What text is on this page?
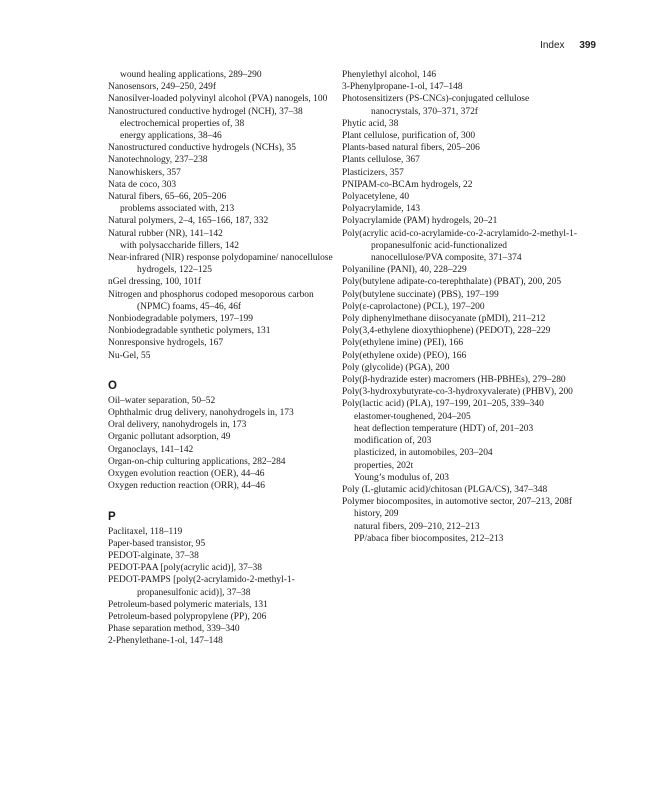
Index 399
wound healing applications, 289–290
Nanosensors, 249–250, 249f
Nanosilver-loaded polyvinyl alcohol (PVA) nanogels, 100
Nanostructured conductive hydrogel (NCH), 37–38
electrochemical properties of, 38
energy applications, 38–46
Nanostructured conductive hydrogels (NCHs), 35
Nanotechnology, 237–238
Nanowhiskers, 357
Nata de coco, 303
Natural fibers, 65–66, 205–206
problems associated with, 213
Natural polymers, 2–4, 165–166, 187, 332
Natural rubber (NR), 141–142
with polysaccharide fillers, 142
Near-infrared (NIR) response polydopamine/ nanocellulose hydrogels, 122–125
nGel dressing, 100, 101f
Nitrogen and phosphorus codoped mesoporous carbon (NPMC) foams, 45–46, 46f
Nonbiodegradable polymers, 197–199
Nonbiodegradable synthetic polymers, 131
Nonresponsive hydrogels, 167
Nu-Gel, 55
O
Oil–water separation, 50–52
Ophthalmic drug delivery, nanohydrogels in, 173
Oral delivery, nanohydrogels in, 173
Organic pollutant adsorption, 49
Organoclays, 141–142
Organ-on-chip culturing applications, 282–284
Oxygen evolution reaction (OER), 44–46
Oxygen reduction reaction (ORR), 44–46
P
Paclitaxel, 118–119
Paper-based transistor, 95
PEDOT-alginate, 37–38
PEDOT-PAA [poly(acrylic acid)], 37–38
PEDOT-PAMPS [poly(2-acrylamido-2-methyl-1-propanesulfonic acid)], 37–38
Petroleum-based polymeric materials, 131
Petroleum-based polypropylene (PP), 206
Phase separation method, 339–340
2-Phenylethane-1-ol, 147–148
Phenylethyl alcohol, 146
3-Phenylpropane-1-ol, 147–148
Photosensitizers (PS-CNCs)-conjugated cellulose nanocrystals, 370–371, 372f
Phytic acid, 38
Plant cellulose, purification of, 300
Plants-based natural fibers, 205–206
Plants cellulose, 367
Plasticizers, 357
PNIPAM-co-BCAm hydrogels, 22
Polyacetylene, 40
Polyacrylamide, 143
Polyacrylamide (PAM) hydrogels, 20–21
Poly(acrylic acid-co-acrylamide-co-2-acrylamido-2-methyl-1-propanesulfonic acid-functionalized nanocellulose/PVA composite, 371–374
Polyaniline (PANI), 40, 228–229
Poly(butylene adipate-co-terephthalate) (PBAT), 200, 205
Poly(butylene succinate) (PBS), 197–199
Poly(ε-caprolactone) (PCL), 197–200
Poly diphenylmethane diisocyanate (pMDI), 211–212
Poly(3,4-ethylene dioxythiophene) (PEDOT), 228–229
Poly(ethylene imine) (PEI), 166
Poly(ethylene oxide) (PEO), 166
Poly (glycolide) (PGA), 200
Poly(β-hydrazide ester) macromers (HB-PBHEs), 279–280
Poly(3-hydroxybutyrate-co-3-hydroxyvalerate) (PHBV), 200
Poly(lactic acid) (PLA), 197–199, 201–205, 339–340
elastomer-toughened, 204–205
heat deflection temperature (HDT) of, 201–203
modification of, 203
plasticized, in automobiles, 203–204
properties, 202t
Young’s modulus of, 203
Poly (L-glutamic acid)/chitosan (PLGA/CS), 347–348
Polymer biocomposites, in automotive sector, 207–213, 208f
history, 209
natural fibers, 209–210, 212–213
PP/abaca fiber biocomposites, 212–213
